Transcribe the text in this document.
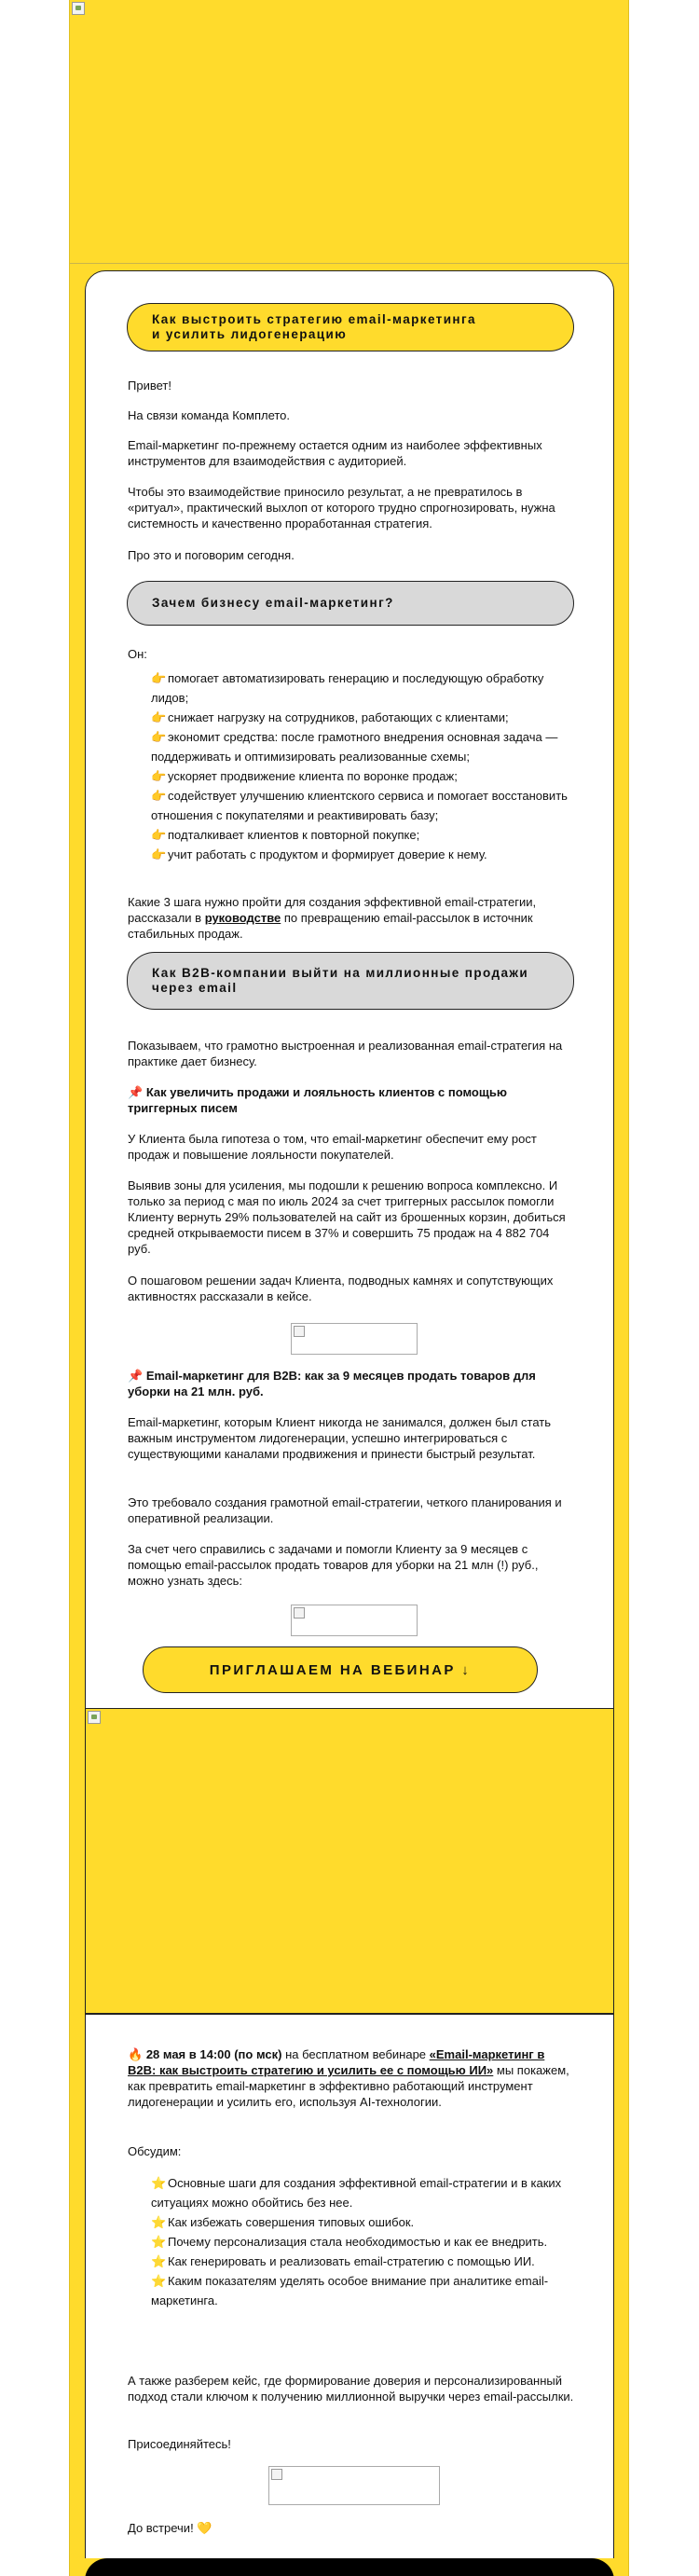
Как выстроить стратегию email-маркетинга
и усилить лидогенерацию
Привет!
На связи команда Комплето.
Email-маркетинг по-прежнему остается одним из наиболее эффективных инструментов для взаимодействия с аудиторией.
Чтобы это взаимодействие приносило результат, а не превратилось в «ритуал», практический выхлоп от которого трудно спрогнозировать, нужна системность и качественно проработанная стратегия.
Про это и поговорим сегодня.
Зачем бизнесу email-маркетинг?
Он:
👉 помогает автоматизировать генерацию и последующую обработку лидов;
👉 снижает нагрузку на сотрудников, работающих с клиентами;
👉 экономит средства: после грамотного внедрения основная задача — поддерживать и оптимизировать реализованные схемы;
👉 ускоряет продвижение клиента по воронке продаж;
👉 содействует улучшению клиентского сервиса и помогает восстановить отношения с покупателями и реактивировать базу;
👉 подталкивает клиентов к повторной покупке;
👉 учит работать с продуктом и формирует доверие к нему.
Какие 3 шага нужно пройти для создания эффективной email-стратегии, рассказали в руководстве по превращению email-рассылок в источник стабильных продаж.
Как B2B-компании выйти на миллионные продажи
через email
Показываем, что грамотно выстроенная и реализованная email-стратегия на практике дает бизнесу.
📌 Как увеличить продажи и лояльность клиентов с помощью триггерных писем
У Клиента была гипотеза о том, что email-маркетинг обеспечит ему рост продаж и повышение лояльности покупателей.
Выявив зоны для усиления, мы подошли к решению вопроса комплексно. И только за период с мая по июль 2024 за счет триггерных рассылок помогли Клиенту вернуть 29% пользователей на сайт из брошенных корзин, добиться средней открываемости писем в 37% и совершить 75 продаж на 4 882 704 руб.
О пошаговом решении задач Клиента, подводных камнях и сопутствующих активностях рассказали в кейсе.
📌 Email-маркетинг для B2B: как за 9 месяцев продать товаров для уборки на 21 млн. руб.
Email-маркетинг, которым Клиент никогда не занимался, должен был стать важным инструментом лидогенерации, успешно интегрироваться с существующими каналами продвижения и принести быстрый результат.
Это требовало создания грамотной email-стратегии, четкого планирования и оперативной реализации.
За счет чего справились с задачами и помогли Клиенту за 9 месяцев с помощью email-рассылок продать товаров для уборки на 21 млн (!) руб., можно узнать здесь:
ПРИГЛАШАЕМ НА ВЕБИНАР ↓
🔥 28 мая в 14:00 (по мск) на бесплатном вебинаре «Email-маркетинг в B2B: как выстроить стратегию и усилить ее с помощью ИИ» мы покажем, как превратить email-маркетинг в эффективно работающий инструмент лидогенерации и усилить его, используя AI-технологии.
Обсудим:
⭐ Основные шаги для создания эффективной email-стратегии и в каких ситуациях можно обойтись без нее.
⭐ Как избежать совершения типовых ошибок.
⭐ Почему персонализация стала необходимостью и как ее внедрить.
⭐ Как генерировать и реализовать email-стратегию с помощью ИИ.
⭐ Каким показателям уделять особое внимание при аналитике email-маркетинга.
А также разберем кейс, где формирование доверия и персонализированный подход стали ключом к получению миллионной выручки через email-рассылки.
Присоединяйтесь!
До встречи! 💛
